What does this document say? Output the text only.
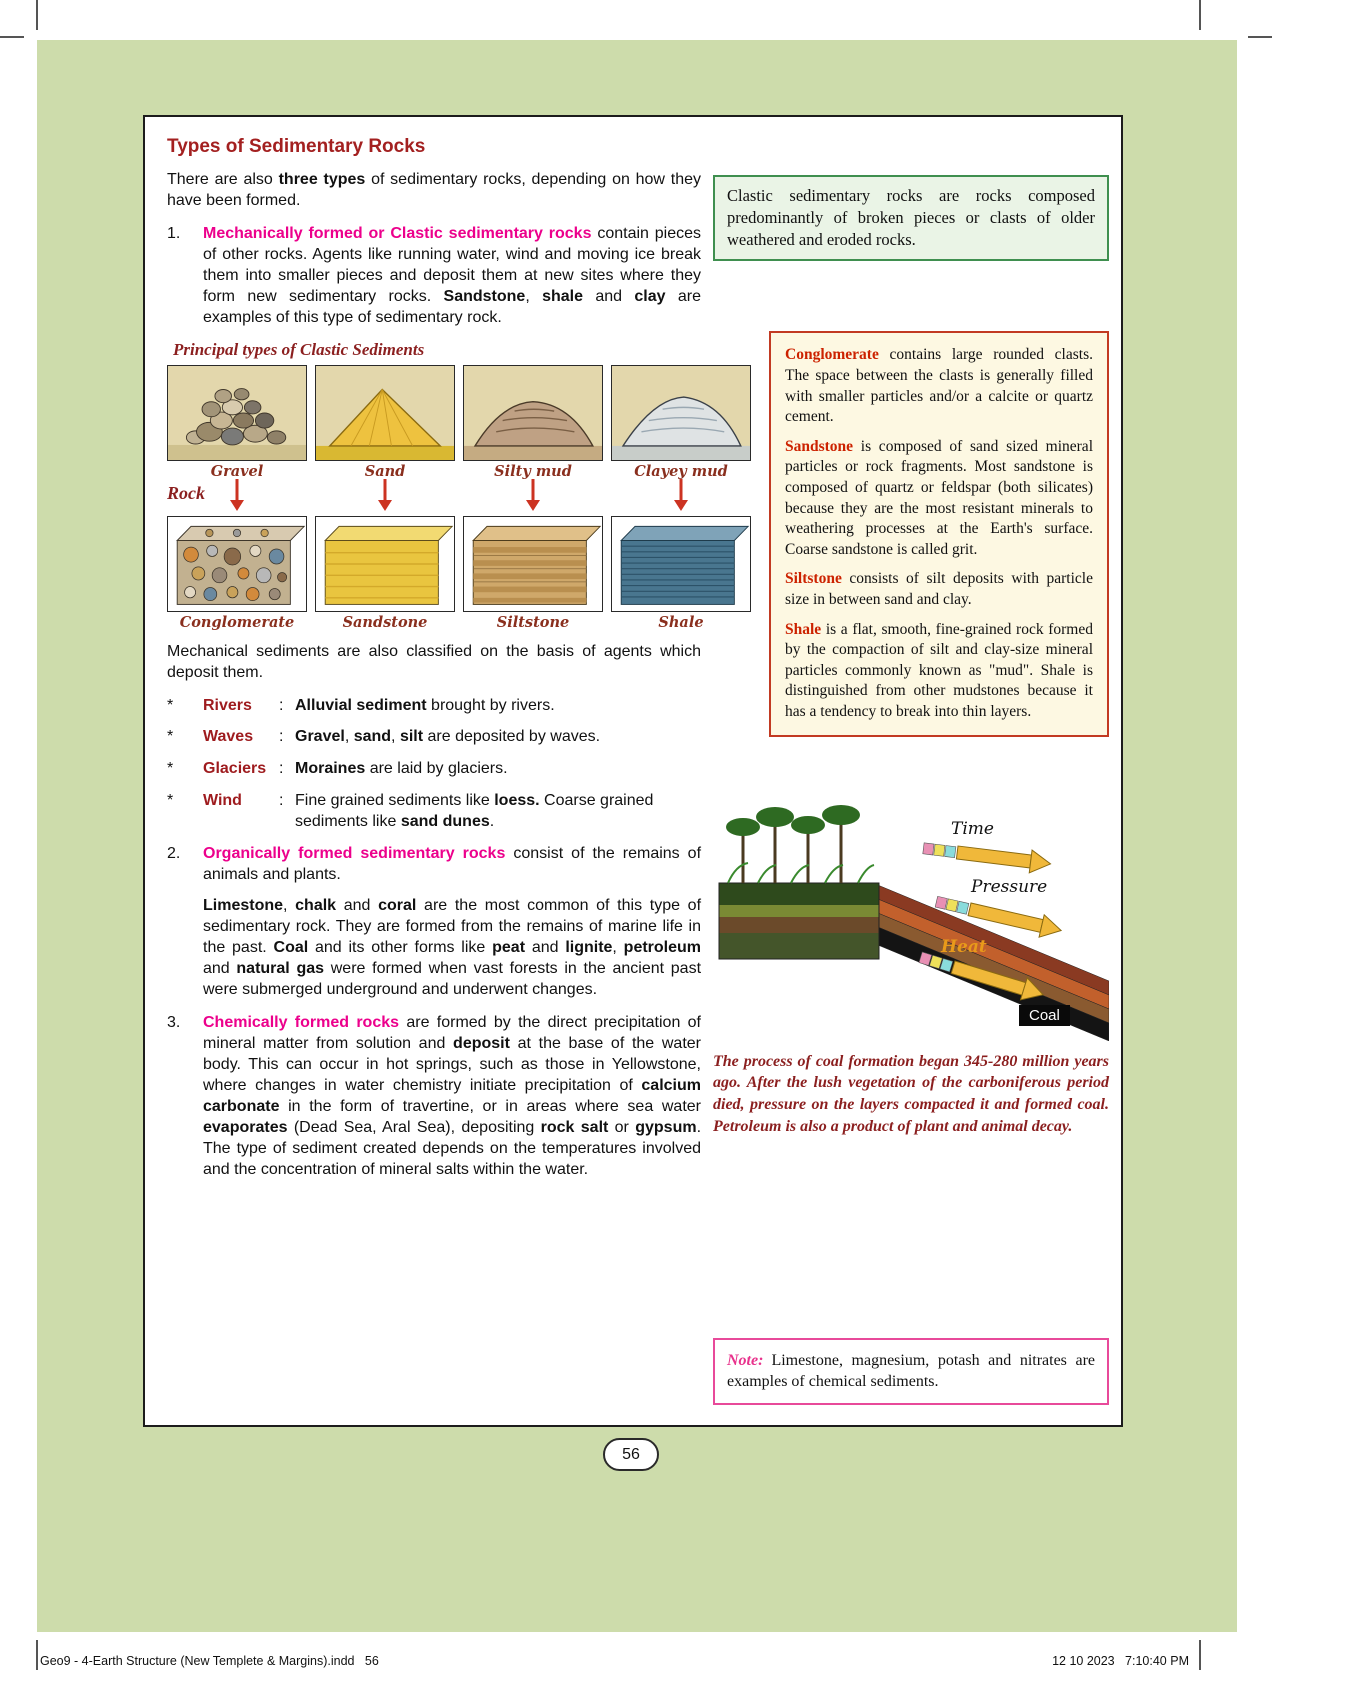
Types of Sedimentary Rocks

There are also three types of sedimentary rocks, depending on how they have been formed.

1.	Mechanically formed or Clastic sedimentary rocks contain pieces of other rocks. Agents like running water, wind and moving ice break them into smaller pieces and deposit them at new sites where they form new sedimentary rocks. Sandstone, shale and clay are examples of this type of sedimentary rock.
Principal types of Clastic Sediments
Gravel	Sand	Silty mud	Clayey mud
Rock
Conglomerate	Sandstone	Siltstone	Shale

Mechanical sediments are also classified on the basis of agents which deposit them.

*	Rivers	: Alluvial sediment brought by rivers.
*	Waves	: Gravel, sand, silt are deposited by waves.
*	Glaciers : Moraines are laid by glaciers.
*	Wind	: Fine grained sediments like loess. Coarse grained sediments like sand dunes.
2.	Organically formed sedimentary rocks consist of the remains of animals and plants.

Limestone, chalk and coral are the most common of this type of sedimentary rock. They are formed from the remains of marine life in the past. Coal and its other forms like peat and lignite, petroleum and natural gas were formed when vast forests in the ancient past were submerged underground and underwent changes.

3.	Chemically formed rocks are formed by the direct precipitation of mineral matter from solution and deposit at the base of the water body. This can occur in hot springs, such as those in Yellowstone, where changes in water chemistry initiate precipitation of calcium carbonate in the form of travertine, or in areas where sea water evaporates (Dead Sea, Aral Sea), depositing rock salt or gypsum. The type of sediment created depends on the temperatures involved and the concentration of mineral salts within the water.

Clastic sedimentary rocks are rocks composed predominantly of broken pieces or clasts of older weathered and eroded rocks.

Conglomerate contains large rounded clasts. The space between the clasts is generally filled with smaller particles and/or a calcite or quartz cement.

Sandstone is composed of sand sized mineral particles or rock fragments. Most sandstone is composed of quartz or feldspar (both silicates) because they are the most resistant minerals to weathering processes at the Earth's surface. Coarse sandstone is called grit.

Siltstone consists of silt deposits with particle size in between sand and clay.

Shale is a flat, smooth, fine-grained rock formed by the compaction of silt and clay-size mineral particles commonly known as "mud". Shale is distinguished from other mudstones because it has a tendency to break into thin layers.

Time
Pressure
Heat
Coal

The process of coal formation began 345-280 million years ago. After the lush vegetation of the carboniferous period died, pressure on the layers compacted it and formed coal. Petroleum is also a product of plant and animal decay.

Note: Limestone, magnesium, potash and nitrates are examples of chemical sediments.
56
Geo9 - 4-Earth Structure (New Templete & Margins).indd   56	12 10 2023   7:10:40 PM
